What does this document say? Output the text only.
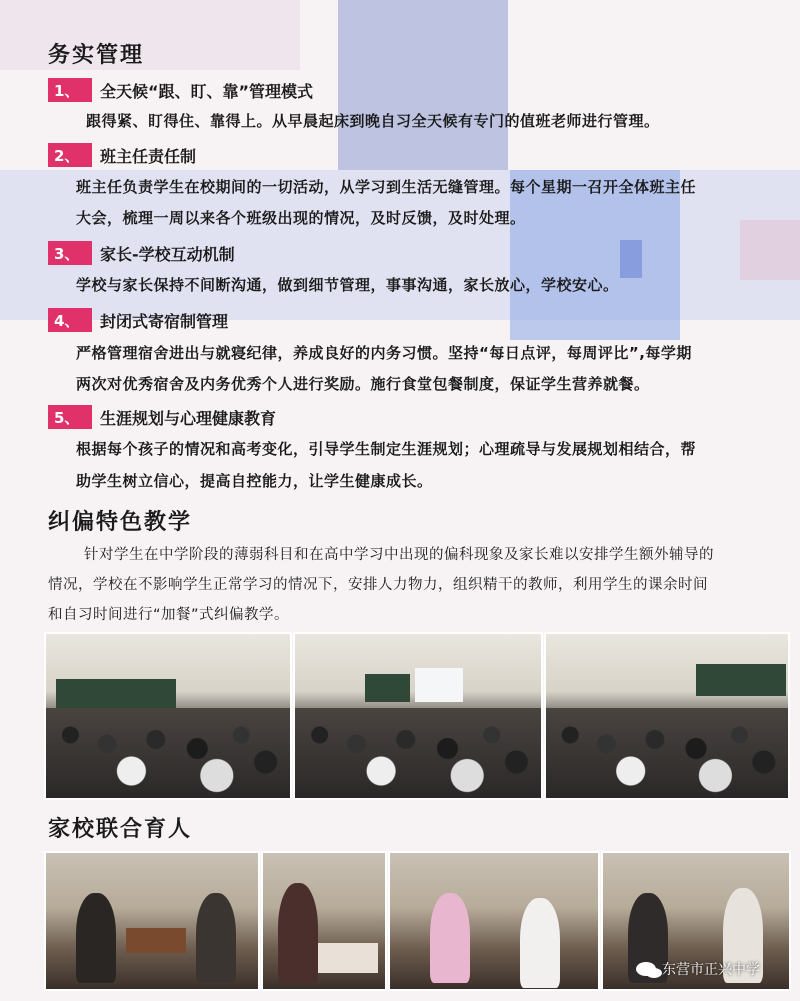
务实管理
1、	全天候“跟、盯、靠”管理模式
跟得紧、盯得住、靠得上。从早晨起床到晚自习全天候有专门的值班老师进行管理。
2、	班主任责任制
班主任负责学生在校期间的一切活动，从学习到生活无缝管理。每个星期一召开全体班主任
大会，梳理一周以来各个班级出现的情况，及时反馈，及时处理。
3、	家长-学校互动机制
学校与家长保持不间断沟通，做到细节管理，事事沟通，家长放心，学校安心。
4、	封闭式寄宿制管理
严格管理宿舍进出与就寝纪律，养成良好的内务习惯。坚持“每日点评，每周评比”,每学期
两次对优秀宿舍及内务优秀个人进行奖励。施行食堂包餐制度，保证学生营养就餐。
5、	生涯规划与心理健康教育
根据每个孩子的情况和高考变化，引导学生制定生涯规划；心理疏导与发展规划相结合，帮
助学生树立信心，提高自控能力，让学生健康成长。
纠偏特色教学
针对学生在中学阶段的薄弱科目和在高中学习中出现的偏科现象及家长难以安排学生额外辅导的
情况，学校在不影响学生正常学习的情况下，安排人力物力，组织精干的教师，利用学生的课余时间
和自习时间进行“加餐”式纠偏教学。
家校联合育人
东营市正兴中学
